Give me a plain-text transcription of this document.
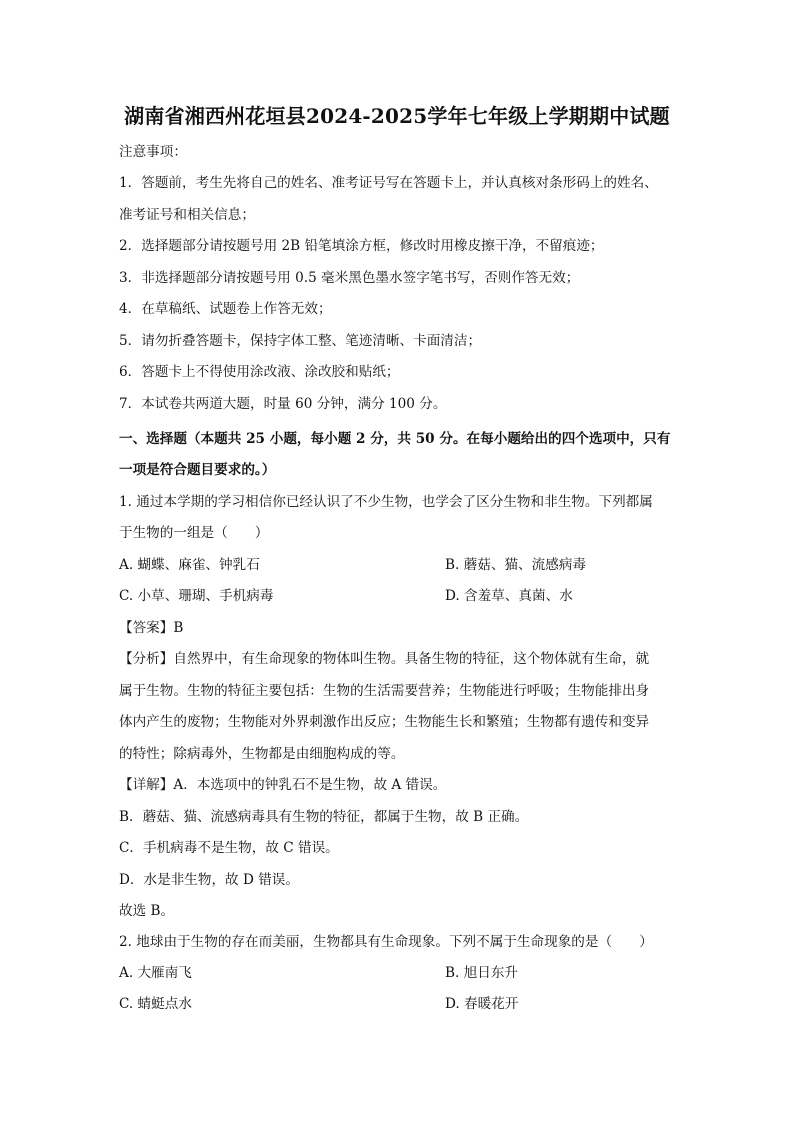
湖南省湘西州花垣县2024-2025学年七年级上学期期中试题
注意事项：
1．答题前，考生先将自己的姓名、准考证号写在答题卡上，并认真核对条形码上的姓名、
准考证号和相关信息；
2．选择题部分请按题号用 2B 铅笔填涂方框，修改时用橡皮擦干净，不留痕迹；
3．非选择题部分请按题号用 0.5 毫米黑色墨水签字笔书写，否则作答无效；
4．在草稿纸、试题卷上作答无效；
5．请勿折叠答题卡，保持字体工整、笔迹清晰、卡面清洁；
6．答题卡上不得使用涂改液、涂改胶和贴纸；
7．本试卷共两道大题，时量 60 分钟，满分 100 分。
一、选择题（本题共 25 小题，每小题 2 分，共 50 分。在每小题给出的四个选项中，只有
一项是符合题目要求的。）
1. 通过本学期的学习相信你已经认识了不少生物，也学会了区分生物和非生物。下列都属
于生物的一组是（　　）
A. 蝴蝶、麻雀、钟乳石	B. 蘑菇、猫、流感病毒
C. 小草、珊瑚、手机病毒	D. 含羞草、真菌、水
【答案】B
【分析】自然界中，有生命现象的物体叫生物。具备生物的特征，这个物体就有生命，就
属于生物。生物的特征主要包括：生物的生活需要营养；生物能进行呼吸；生物能排出身
体内产生的废物；生物能对外界刺激作出反应；生物能生长和繁殖；生物都有遗传和变异
的特性；除病毒外，生物都是由细胞构成的等。
【详解】A．本选项中的钟乳石不是生物，故 A 错误。
B．蘑菇、猫、流感病毒具有生物的特征，都属于生物，故 B 正确。
C．手机病毒不是生物，故 C 错误。
D．水是非生物，故 D 错误。
故选 B。
2. 地球由于生物的存在而美丽，生物都具有生命现象。下列不属于生命现象的是（　　）
A. 大雁南飞	B. 旭日东升
C. 蜻蜓点水	D. 春暖花开
